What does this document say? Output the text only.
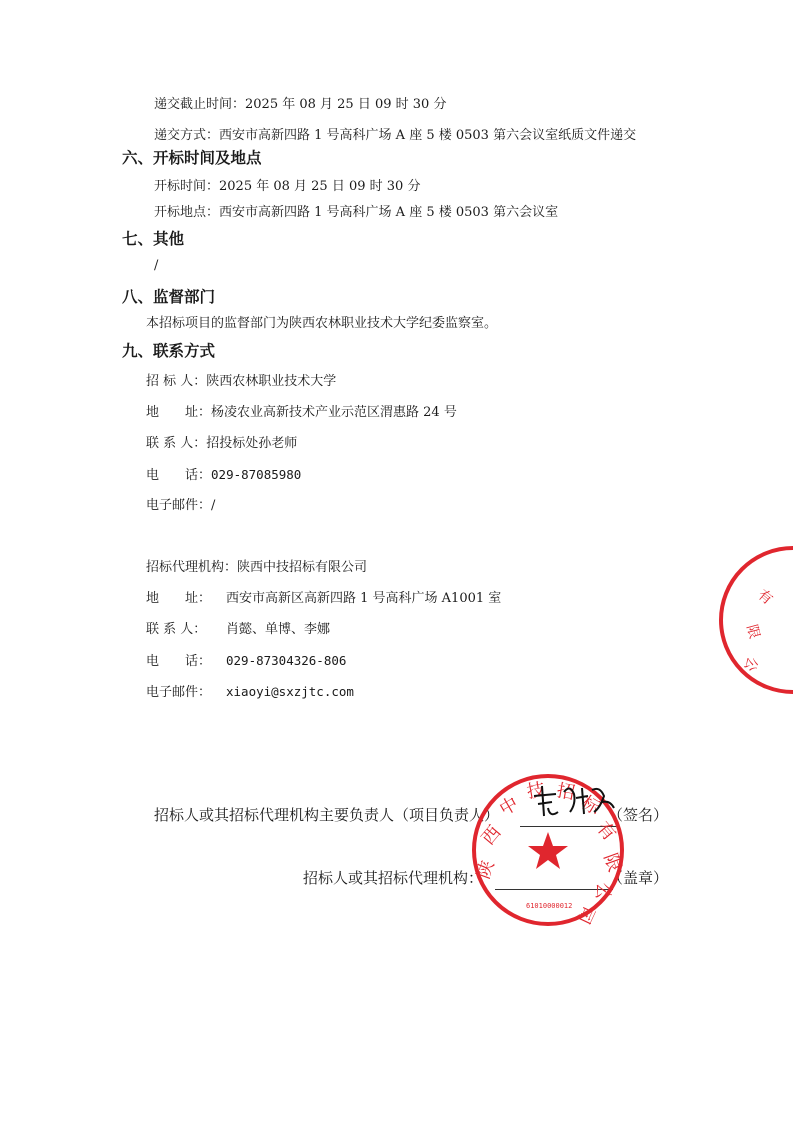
递交截止时间：2025 年 08 月 25 日 09 时 30 分
递交方式：西安市高新四路 1 号高科广场 A 座 5 楼 0503 第六会议室纸质文件递交
六、开标时间及地点
开标时间：2025 年 08 月 25 日 09 时 30 分
开标地点：西安市高新四路 1 号高科广场 A 座 5 楼 0503 第六会议室
七、其他
/
八、监督部门
本招标项目的监督部门为陕西农林职业技术大学纪委监察室。
九、联系方式
招 标 人：陕西农林职业技术大学
地　　址：杨凌农业高新技术产业示范区渭惠路 24 号
联 系 人：招投标处孙老师
电　　话：029-87085980
电子邮件：/
招标代理机构：陕西中技招标有限公司
地　　址： 西安市高新区高新四路 1 号高科广场 A1001 室
联 系 人： 肖懿、单博、李娜
电　　话： 029-87304326-806
电子邮件： xiaoyi@sxzjtc.com
招标人或其招标代理机构主要负责人（项目负责人）	（签名）
招标人或其招标代理机构：	（盖章）
有
限
公
陕
西
中
技 招 标
有
限
公
司
61010000012
